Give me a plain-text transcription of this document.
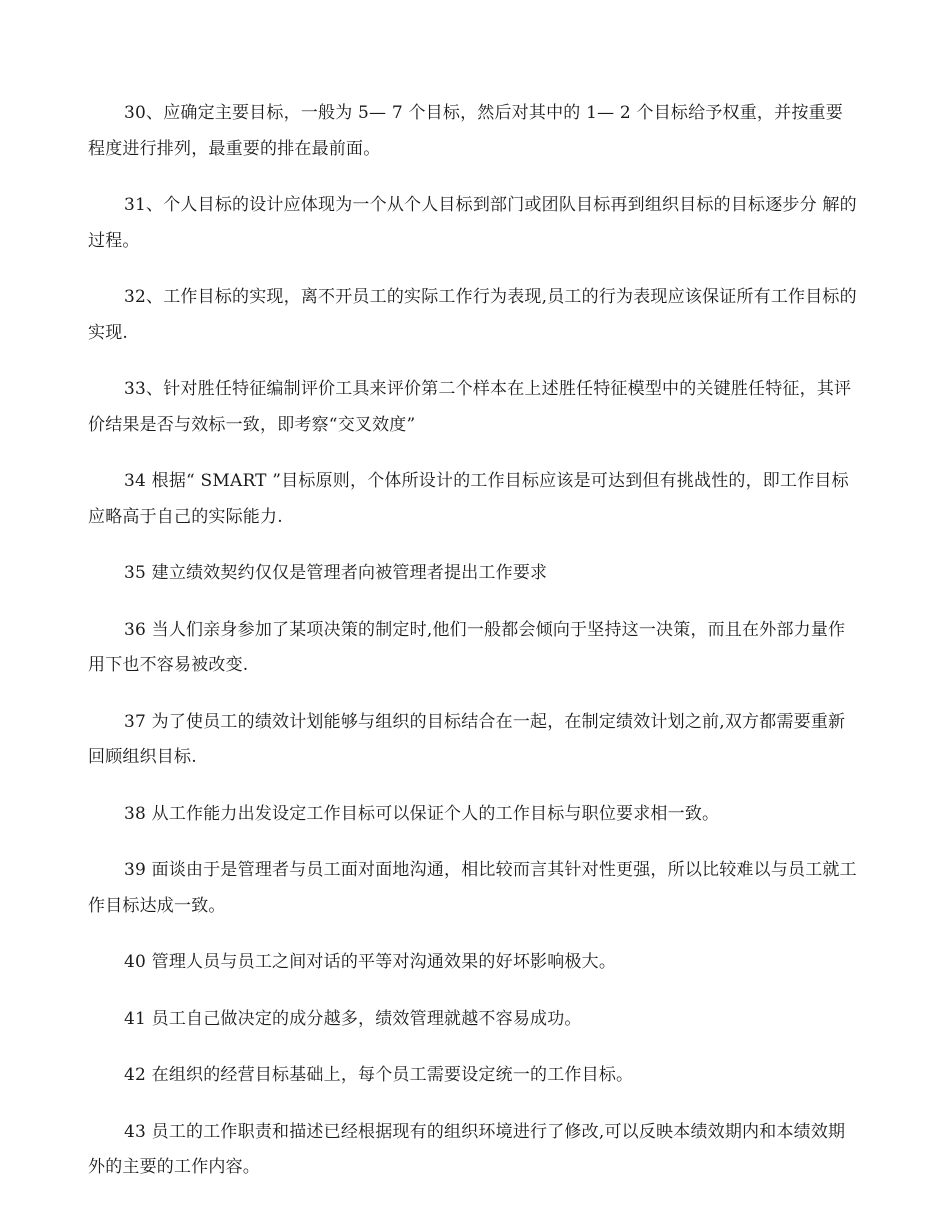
30、应确定主要目标，一般为 5— 7 个目标，然后对其中的 1— 2 个目标给予权重，并按重要 程度进行排列，最重要的排在最前面。

31、个人目标的设计应体现为一个从个人目标到部门或团队目标再到组织目标的目标逐步分 解的过程。

32、工作目标的实现，离不开员工的实际工作行为表现,员工的行为表现应该保证所有工作目标的实现.

33、针对胜任特征编制评价工具来评价第二个样本在上述胜任特征模型中的关键胜任特征，其评价结果是否与效标一致，即考察“交叉效度”

34 根据“ SMART ”目标原则，个体所设计的工作目标应该是可达到但有挑战性的，即工作目标应略高于自己的实际能力.

35 建立绩效契约仅仅是管理者向被管理者提出工作要求

36 当人们亲身参加了某项决策的制定时,他们一般都会倾向于坚持这一决策，而且在外部力量作用下也不容易被改变.

37 为了使员工的绩效计划能够与组织的目标结合在一起，在制定绩效计划之前,双方都需要重新回顾组织目标.

38 从工作能力出发设定工作目标可以保证个人的工作目标与职位要求相一致。

39 面谈由于是管理者与员工面对面地沟通，相比较而言其针对性更强，所以比较难以与员工就工作目标达成一致。

40 管理人员与员工之间对话的平等对沟通效果的好坏影响极大。

41 员工自己做决定的成分越多，绩效管理就越不容易成功。

42 在组织的经营目标基础上，每个员工需要设定统一的工作目标。

43 员工的工作职责和描述已经根据现有的组织环境进行了修改,可以反映本绩效期内和本绩效期外的主要的工作内容。
